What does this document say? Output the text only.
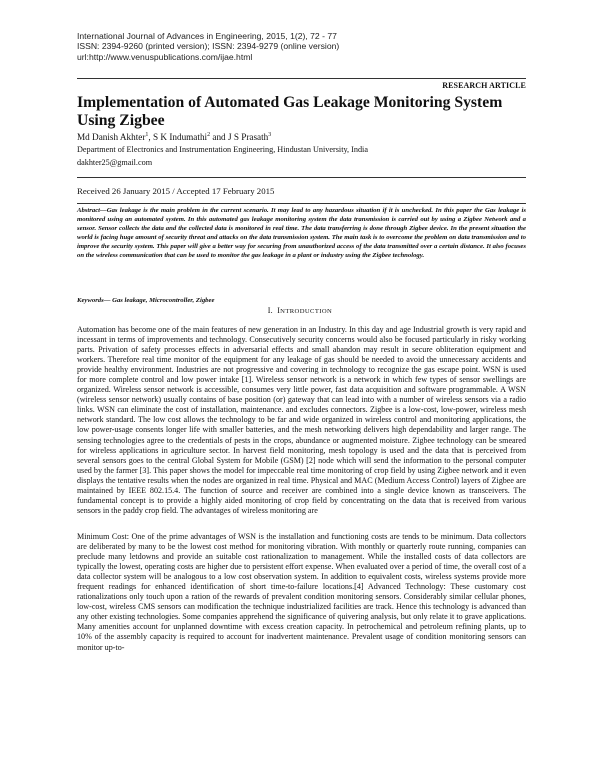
International Journal of Advances in Engineering, 2015, 1(2), 72 - 77
ISSN: 2394-9260 (printed version); ISSN: 2394-9279 (online version)
url:http://www.venuspublications.com/ijae.html
RESEARCH ARTICLE
Implementation of Automated Gas Leakage Monitoring System Using Zigbee
Md Danish Akhter$^1$, S K Indumathi$^2$ and J S Prasath$^3$
Department of Electronics and Instrumentation Engineering, Hindustan University, India
dakhter25@gmail.com
Received 26 January 2015 / Accepted 17 February 2015
Abstract—Gas leakage is the main problem in the current scenario. It may lead to any hazardous situation if it is unchecked. In this paper the Gas leakage is monitored using an automated system. In this automated gas leakage monitoring system the data transmission is carried out by using a Zigbee Network and a sensor. Sensor collects the data and the collected data is monitored in real time. The data transferring is done through Zigbee device. In the present situation the world is facing huge amount of security threat and attacks on the data transmission system. The main task is to overcome the problem on data transmission and to improve the security system. This paper will give a better way for securing from unauthorized access of the data transmitted over a certain distance. It also focuses on the wireless communication that can be used to monitor the gas leakage in a plant or industry using the Zigbee technology.
Keywords— Gas leakage, Microcontroller, Zigbee
I. INTRODUCTION
Automation has become one of the main features of new generation in an Industry. In this day and age Industrial growth is very rapid and incessant in terms of improvements and technology. Consecutively security concerns would also be focused particularly in risky working parts. Privation of safety processes effects in adversarial effects and small abandon may result in secure obliteration equipment and workers. Therefore real time monitor of the equipment for any leakage of gas should be needed to avoid the unnecessary accidents and provide healthy environment. Industries are not progressive and covering in technology to recognize the gas escape point. WSN is used for more complete control and low power intake [1]. Wireless sensor network is a network in which few types of sensor swellings are organized. Wireless sensor network is accessible, consumes very little power, fast data acquisition and software programmable. A WSN (wireless sensor network) usually contains of base position (or) gateway that can lead into with a number of wireless sensors via a radio links. WSN can eliminate the cost of installation, maintenance. and excludes connectors. Zigbee is a low-cost, low-power, wireless mesh network standard. The low cost allows the technology to be far and wide organized in wireless control and monitoring applications, the low power-usage consents longer life with smaller batteries, and the mesh networking delivers high dependability and larger range. The sensing technologies agree to the credentials of pests in the crops, abundance or augmented moisture. Zigbee technology can be smeared for wireless applications in agriculture sector. In harvest field monitoring, mesh topology is used and the data that is perceived from several sensors goes to the central Global System for Mobile (GSM) [2] node which will send the information to the personal computer used by the farmer [3]. This paper shows the model for impeccable real time monitoring of crop field by using Zigbee network and it even displays the tentative results when the nodes are organized in real time. Physical and MAC (Medium Access Control) layers of Zigbee are maintained by IEEE 802.15.4. The function of source and receiver are combined into a single device known as transceivers. The fundamental concept is to provide a highly aided monitoring of crop field by concentrating on the data that is received from various sensors in the paddy crop field. The advantages of wireless monitoring are
Minimum Cost: One of the prime advantages of WSN is the installation and functioning costs are tends to be minimum. Data collectors are deliberated by many to be the lowest cost method for monitoring vibration. With monthly or quarterly route running, companies can preclude many letdowns and provide an suitable cost rationalization to management. While the installed costs of data collectors are typically the lowest, operating costs are higher due to persistent effort expense. When evaluated over a period of time, the overall cost of a data collector system will be analogous to a low cost observation system. In addition to equivalent costs, wireless systems provide more frequent readings for enhanced identification of short time-to-failure locations.[4] Advanced Technology: These customary cost rationalizations only touch upon a ration of the rewards of prevalent condition monitoring sensors. Considerably similar cellular phones, low-cost, wireless CMS sensors can modification the technique industrialized facilities are track. Hence this technology is advanced than any other existing technologies. Some companies apprehend the significance of quivering analysis, but only relate it to grave applications. Many amenities account for unplanned downtime with excess creation capacity. In petrochemical and petroleum refining plants, up to 10% of the assembly capacity is required to account for inadvertent maintenance. Prevalent usage of condition monitoring sensors can monitor up-to-
